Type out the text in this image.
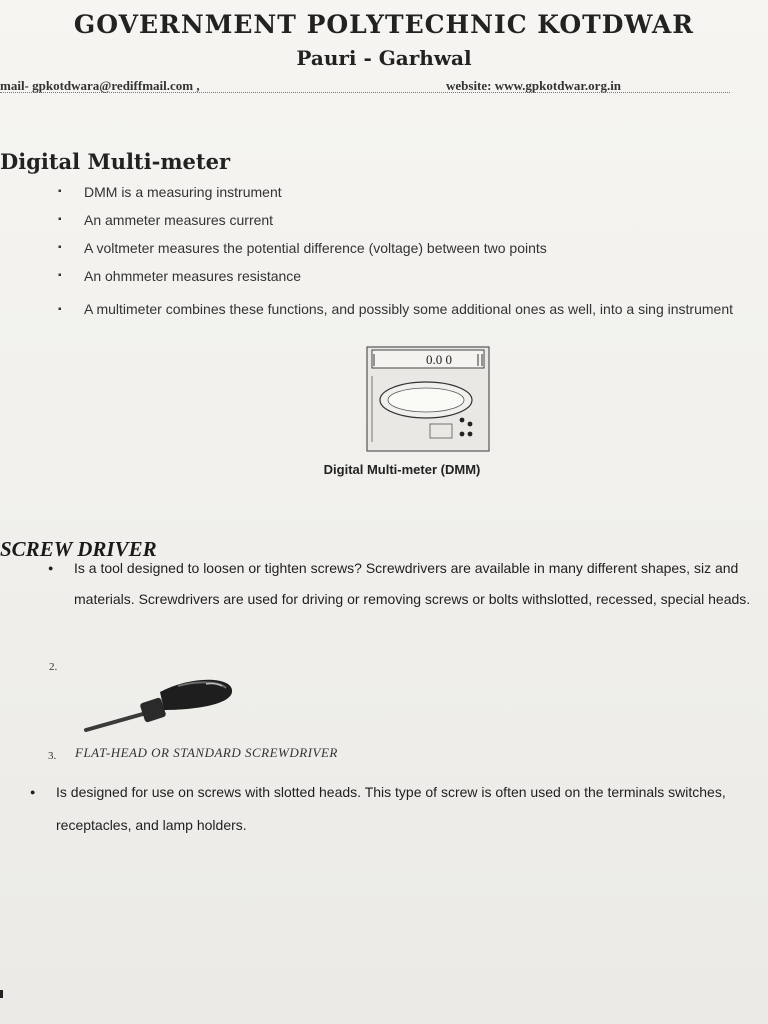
GOVERNMENT POLYTECHNIC KOTDWAR
Pauri - Garhwal
mail- gpkotdwara@rediffmail.com ,	website: www.gpkotdwar.org.in
Digital Multi-meter
▪ DMM is a measuring instrument
▪ An ammeter measures current
▪ A voltmeter measures the potential difference (voltage) between two points
▪ An ohmmeter measures resistance
▪ A multimeter combines these functions, and possibly some additional ones as well, into a sing instrument
0.0 0
Digital Multi-meter (DMM)
SCREW DRIVER

● Is a tool designed to loosen or tighten screws? Screwdrivers are available in many different shapes, siz and materials. Screwdrivers are used for driving or removing screws or bolts withslotted, recessed, special heads.

2.
3. FLAT-HEAD OR STANDARD SCREWDRIVER

● Is designed for use on screws with slotted heads. This type of screw is often used on the terminals switches, receptacles, and lamp holders.
